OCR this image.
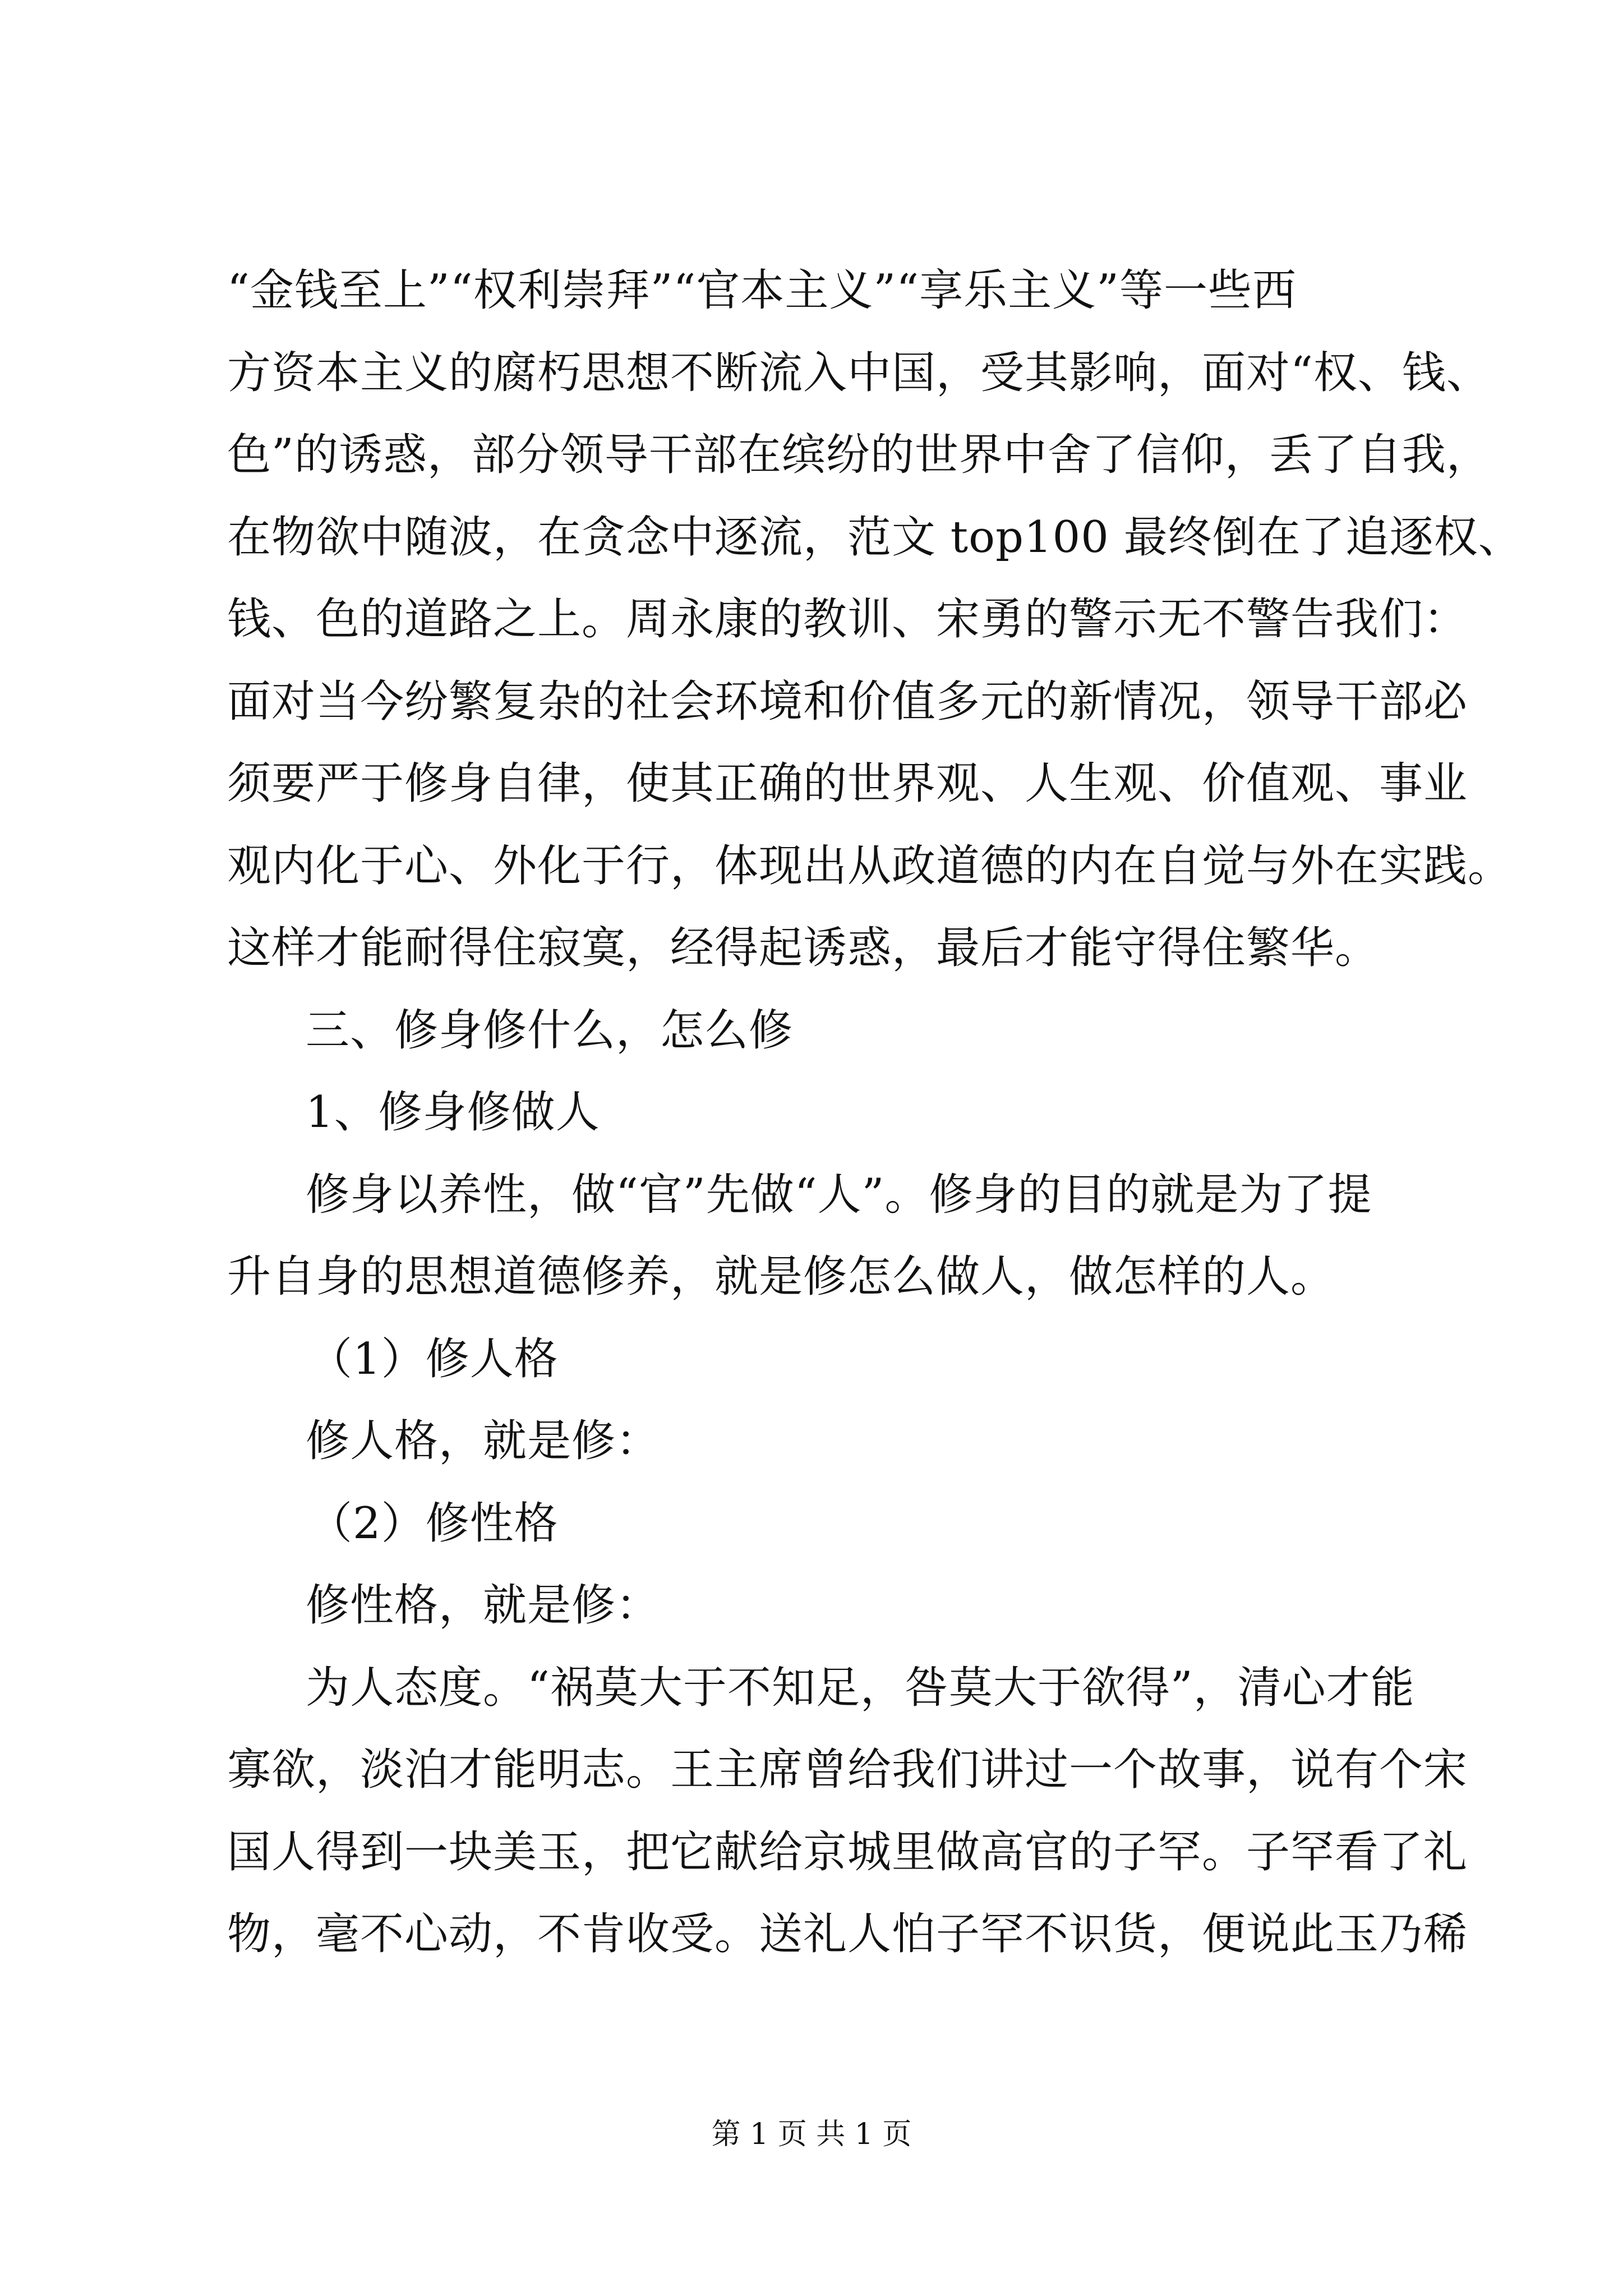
“金钱至上”“权利崇拜”“官本主义”“享乐主义”等一些西
方资本主义的腐朽思想不断流入中国，受其影响，面对“权、钱、
色”的诱惑，部分领导干部在缤纷的世界中舍了信仰，丢了自我，
在物欲中随波，在贪念中逐流，范文 top100 最终倒在了追逐权、
钱、色的道路之上。周永康的教训、宋勇的警示无不警告我们：
面对当今纷繁复杂的社会环境和价值多元的新情况，领导干部必
须要严于修身自律，使其正确的世界观、人生观、价值观、事业
观内化于心、外化于行，体现出从政道德的内在自觉与外在实践。
这样才能耐得住寂寞，经得起诱惑，最后才能守得住繁华。
三、修身修什么，怎么修
1、修身修做人
修身以养性，做“官”先做“人”。修身的目的就是为了提
升自身的思想道德修养，就是修怎么做人，做怎样的人。
（1）修人格
修人格，就是修：
（2）修性格
修性格，就是修：
为人态度。“祸莫大于不知足，咎莫大于欲得”，清心才能
寡欲，淡泊才能明志。王主席曾给我们讲过一个故事，说有个宋
国人得到一块美玉，把它献给京城里做高官的子罕。子罕看了礼
物，毫不心动，不肯收受。送礼人怕子罕不识货，便说此玉乃稀
第 1 页 共 1 页
